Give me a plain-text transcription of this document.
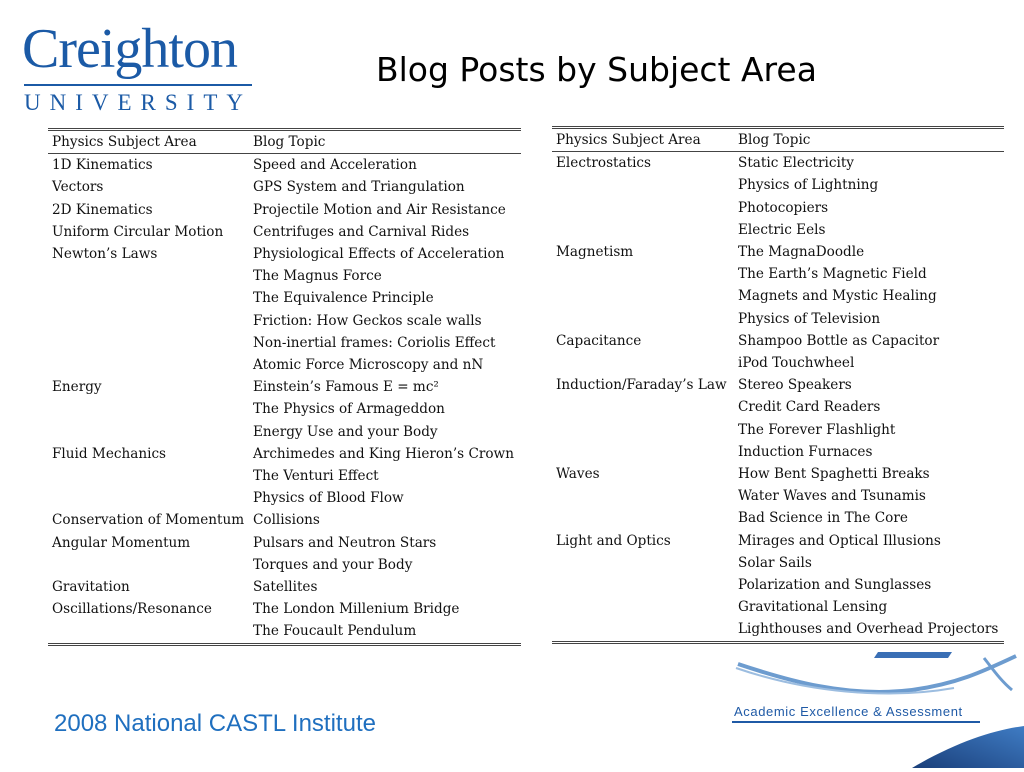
Creighton
UNIVERSITY
Blog Posts by Subject Area
Physics Subject Area	Blog Topic
1D Kinematics	Speed and Acceleration
Vectors	GPS System and Triangulation
2D Kinematics	Projectile Motion and Air Resistance
Uniform Circular Motion	Centrifuges and Carnival Rides
Newton’s Laws	Physiological Effects of Acceleration
	The Magnus Force
	The Equivalence Principle
	Friction: How Geckos scale walls
	Non-inertial frames: Coriolis Effect
	Atomic Force Microscopy and nN
Energy	Einstein’s Famous E = mc²
	The Physics of Armageddon
	Energy Use and your Body
Fluid Mechanics	Archimedes and King Hieron’s Crown
	The Venturi Effect
	Physics of Blood Flow
Conservation of Momentum	Collisions
Angular Momentum	Pulsars and Neutron Stars
	Torques and your Body
Gravitation	Satellites
Oscillations/Resonance	The London Millenium Bridge
	The Foucault Pendulum
Physics Subject Area	Blog Topic
Electrostatics	Static Electricity
	Physics of Lightning
	Photocopiers
	Electric Eels
Magnetism	The MagnaDoodle
	The Earth’s Magnetic Field
	Magnets and Mystic Healing
	Physics of Television
Capacitance	Shampoo Bottle as Capacitor
	iPod Touchwheel
Induction/Faraday’s Law	Stereo Speakers
	Credit Card Readers
	The Forever Flashlight
	Induction Furnaces
Waves	How Bent Spaghetti Breaks
	Water Waves and Tsunamis
	Bad Science in The Core
Light and Optics	Mirages and Optical Illusions
	Solar Sails
	Polarization and Sunglasses
	Gravitational Lensing
	Lighthouses and Overhead Projectors
2008 National CASTL Institute	Academic Excellence & Assessment
